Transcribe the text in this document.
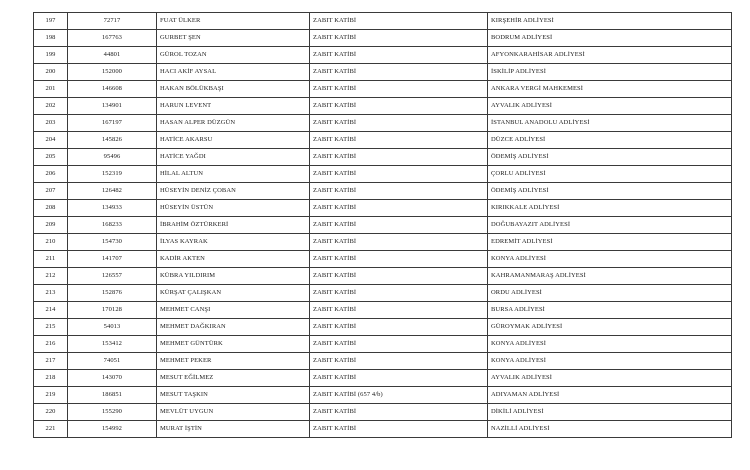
197	72717	FUAT ÜLKER	ZABIT KATİBİ	KIRŞEHİR ADLİYESİ
198	167763	GURBET ŞEN	ZABIT KATİBİ	BODRUM ADLİYESİ
199	44801	GÜROL TOZAN	ZABIT KATİBİ	AFYONKARAHİSAR ADLİYESİ
200	152000	HACI AKİF AYSAL	ZABIT KATİBİ	İSKİLİP ADLİYESİ
201	146608	HAKAN BÖLÜKBAŞI	ZABIT KATİBİ	ANKARA VERGİ MAHKEMESİ
202	134901	HARUN LEVENT	ZABIT KATİBİ	AYVALIK ADLİYESİ
203	167197	HASAN ALPER DÜZGÜN	ZABIT KATİBİ	İSTANBUL ANADOLU ADLİYESİ
204	145826	HATİCE AKARSU	ZABIT KATİBİ	DÜZCE ADLİYESİ
205	95496	HATİCE YAĞDI	ZABIT KATİBİ	ÖDEMİŞ ADLİYESİ
206	152319	HİLAL ALTUN	ZABIT KATİBİ	ÇORLU ADLİYESİ
207	126482	HÜSEYİN DENİZ ÇOBAN	ZABIT KATİBİ	ÖDEMİŞ ADLİYESİ
208	134933	HÜSEYİN ÜSTÜN	ZABIT KATİBİ	KIRIKKALE ADLİYESİ
209	168233	İBRAHİM ÖZTÜRKERİ	ZABIT KATİBİ	DOĞUBAYAZIT ADLİYESİ
210	154730	İLYAS KAYRAK	ZABIT KATİBİ	EDREMİT ADLİYESİ
211	141707	KADİR AKTEN	ZABIT KATİBİ	KONYA ADLİYESİ
212	126557	KÜBRA YILDIRIM	ZABIT KATİBİ	KAHRAMANMARAŞ ADLİYESİ
213	152876	KÜRŞAT ÇALIŞKAN	ZABIT KATİBİ	ORDU ADLİYESİ
214	170128	MEHMET CANŞI	ZABIT KATİBİ	BURSA ADLİYESİ
215	54013	MEHMET DAĞKIRAN	ZABIT KATİBİ	GÜROYMAK ADLİYESİ
216	153412	MEHMET GÜNTÜRK	ZABIT KATİBİ	KONYA ADLİYESİ
217	74051	MEHMET PEKER	ZABIT KATİBİ	KONYA ADLİYESİ
218	143070	MESUT EĞİLMEZ	ZABIT KATİBİ	AYVALIK ADLİYESİ
219	186851	MESUT TAŞKIN	ZABIT KATİBİ (657 4/b)	ADIYAMAN ADLİYESİ
220	155290	MEVLÜT UYGUN	ZABIT KATİBİ	DİKİLİ ADLİYESİ
221	154992	MURAT İŞTİN	ZABIT KATİBİ	NAZİLLİ ADLİYESİ
